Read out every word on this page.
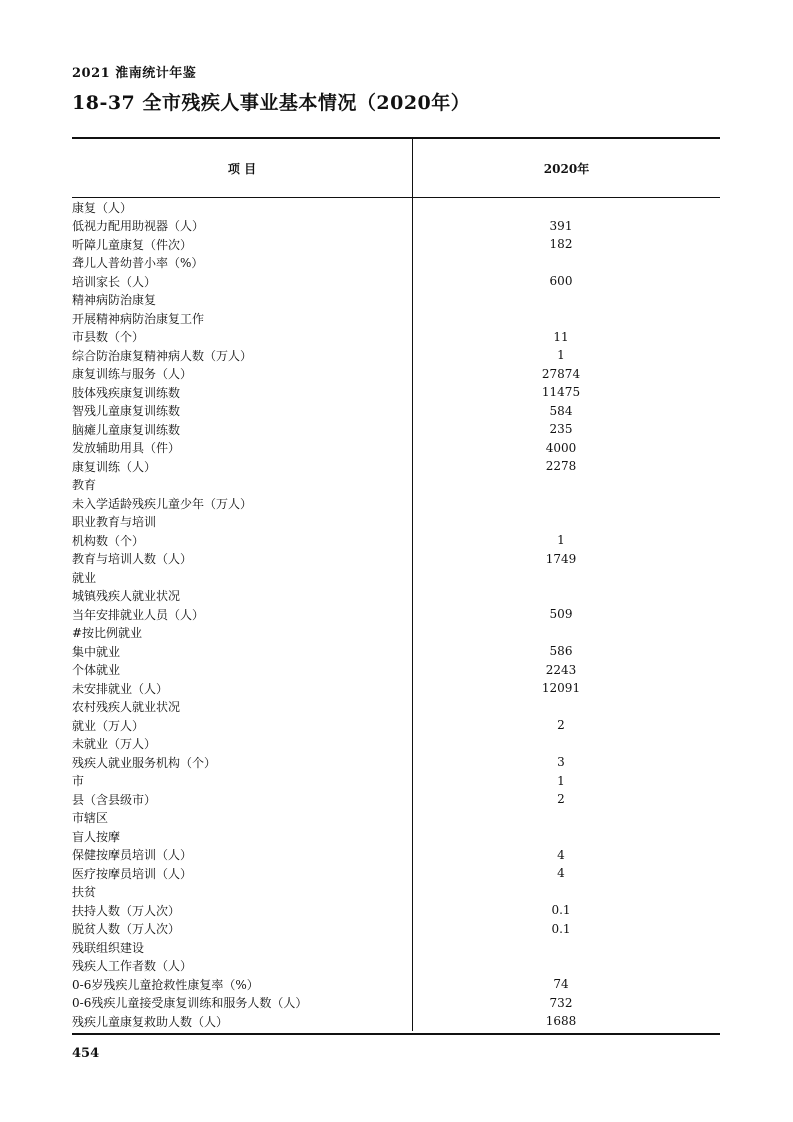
2021 淮南统计年鉴
18-37 全市残疾人事业基本情况（2020年）
项 目	2020年
康复（人）
低视力配用助视器（人）	391
听障儿童康复（件次）	182
聋儿人普幼普小率（%）
培训家长（人）	600
精神病防治康复
开展精神病防治康复工作
市县数（个）	11
综合防治康复精神病人数（万人）	1
康复训练与服务（人）	27874
肢体残疾康复训练数	11475
智残儿童康复训练数	584
脑瘫儿童康复训练数	235
发放辅助用具（件）	4000
康复训练（人）	2278
教育
未入学适龄残疾儿童少年（万人）
职业教育与培训
机构数（个）	1
教育与培训人数（人）	1749
就业
城镇残疾人就业状况
当年安排就业人员（人）	509
#按比例就业
集中就业	586
个体就业	2243
未安排就业（人）	12091
农村残疾人就业状况
就业（万人）	2
未就业（万人）
残疾人就业服务机构（个）	3
市	1
县（含县级市）	2
市辖区
盲人按摩
保健按摩员培训（人）	4
医疗按摩员培训（人）	4
扶贫
扶持人数（万人次）	0.1
脱贫人数（万人次）	0.1
残联组织建设
残疾人工作者数（人）
0-6岁残疾儿童抢救性康复率（%）	74
0-6残疾儿童接受康复训练和服务人数（人）	732
残疾儿童康复救助人数（人）	1688
454
